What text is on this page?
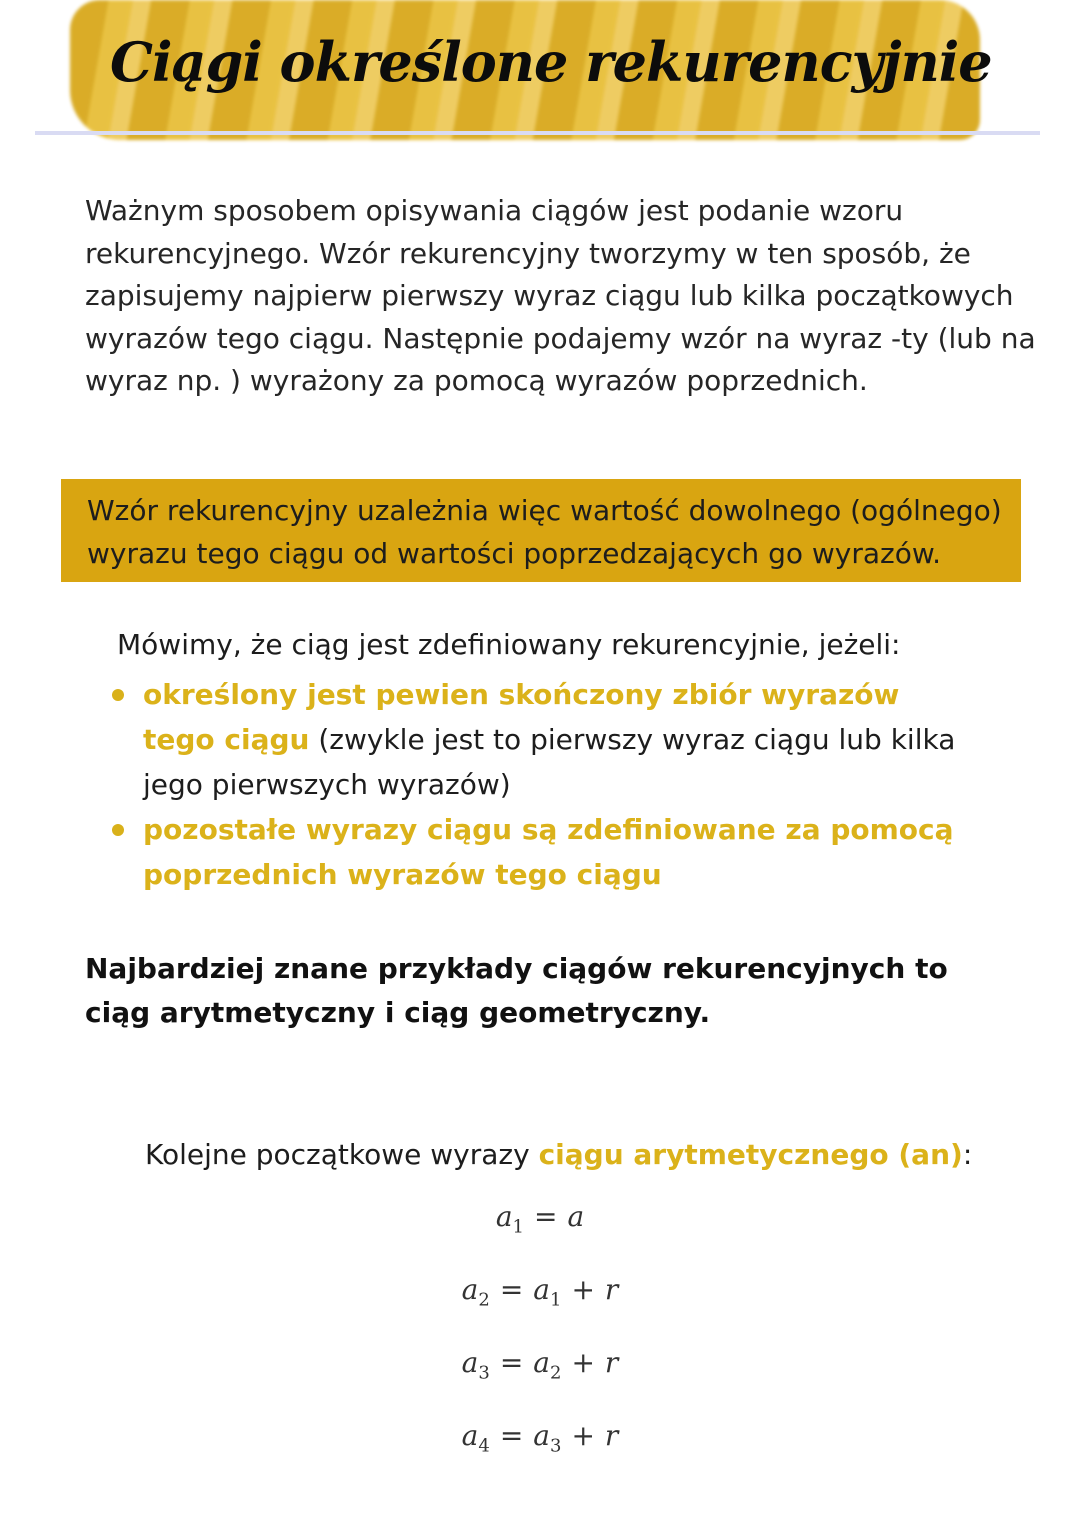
Ciągi określone rekurencyjnie
Ważnym sposobem opisywania ciągów jest podanie wzoru rekurencyjnego. Wzór rekurencyjny tworzymy w ten sposób, że zapisujemy najpierw pierwszy wyraz ciągu lub kilka początkowych wyrazów tego ciągu. Następnie podajemy wzór na wyraz -ty (lub na wyraz np. ) wyrażony za pomocą wyrazów poprzednich.

Wzór rekurencyjny uzależnia więc wartość dowolnego (ogólnego) wyrazu tego ciągu od wartości poprzedzających go wyrazów.

Mówimy, że ciąg jest zdefiniowany rekurencyjnie, jeżeli:
określony jest pewien skończony zbiór wyrazów tego ciągu (zwykle jest to pierwszy wyraz ciągu lub kilka jego pierwszych wyrazów)
pozostałe wyrazy ciągu są zdefiniowane za pomocą poprzednich wyrazów tego ciągu
Najbardziej znane przykłady ciągów rekurencyjnych to ciąg arytmetyczny i ciąg geometryczny.
Kolejne początkowe wyrazy ciągu arytmetycznego (an):
$a_1 = a$
$a_2 = a_1 + r$
$a_3 = a_2 + r$
$a_4 = a_3 + r$
